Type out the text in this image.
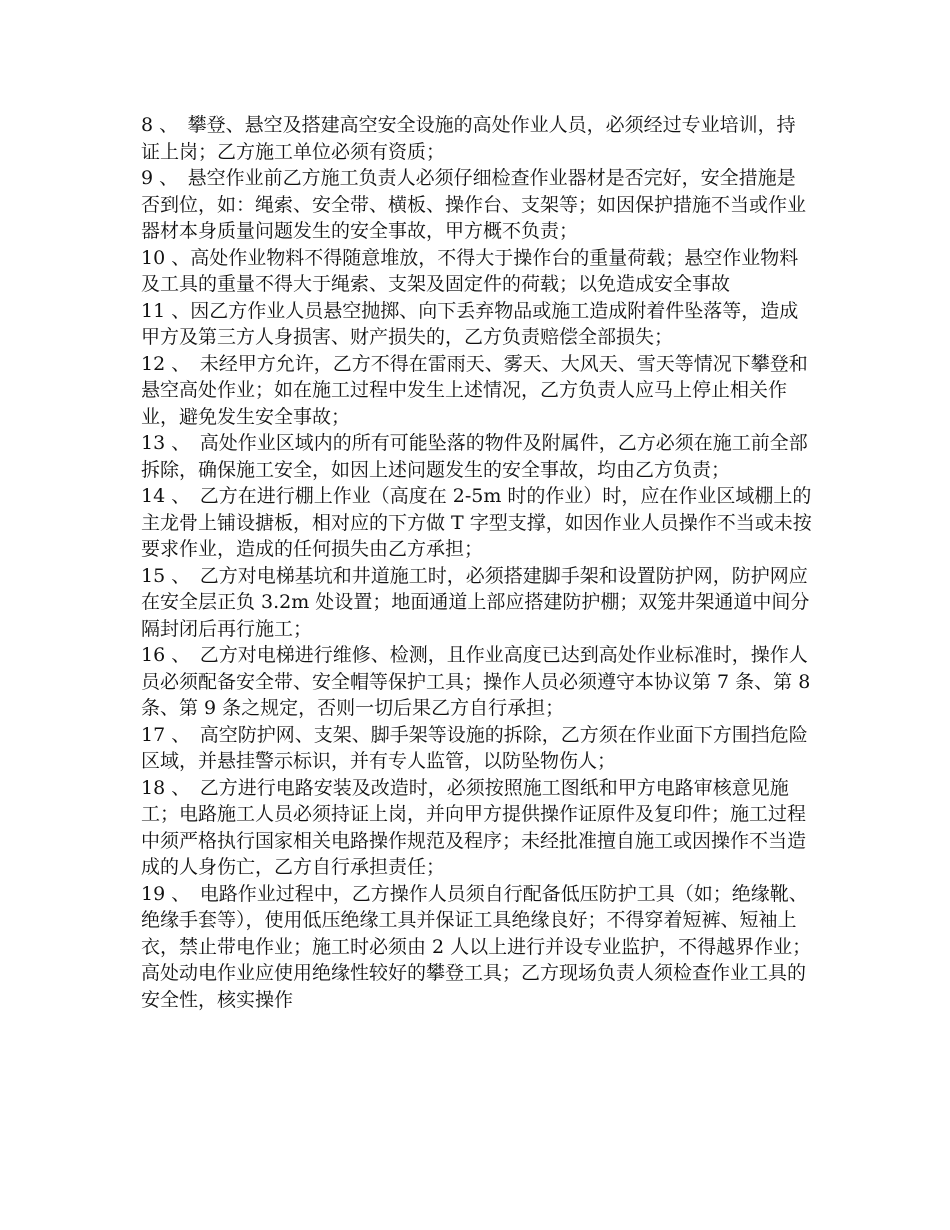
8 、　攀登、悬空及搭建高空安全设施的高处作业人员，必须经过专业培训，持证上岗；乙方施工单位必须有资质；

9 、　悬空作业前乙方施工负责人必须仔细检查作业器材是否完好，安全措施是否到位，如：绳索、安全带、横板、操作台、支架等；如因保护措施不当或作业器材本身质量问题发生的安全事故，甲方概不负责；

10 、高处作业物料不得随意堆放，不得大于操作台的重量荷载；悬空作业物料及工具的重量不得大于绳索、支架及固定件的荷载；以免造成安全事故

11 、因乙方作业人员悬空抛掷、向下丢弃物品或施工造成附着件坠落等，造成甲方及第三方人身损害、财产损失的，乙方负责赔偿全部损失；

12 、　未经甲方允许，乙方不得在雷雨天、雾天、大风天、雪天等情况下攀登和悬空高处作业；如在施工过程中发生上述情况，乙方负责人应马上停止相关作业，避免发生安全事故；

13 、　高处作业区域内的所有可能坠落的物件及附属件，乙方必须在施工前全部拆除，确保施工安全，如因上述问题发生的安全事故，均由乙方负责；

14 、　乙方在进行棚上作业（高度在 2-5m 时的作业）时，应在作业区域棚上的主龙骨上铺设搪板，相对应的下方做 T 字型支撑，如因作业人员操作不当或未按要求作业，造成的任何损失由乙方承担；

15 、　乙方对电梯基坑和井道施工时，必须搭建脚手架和设置防护网，防护网应在安全层正负 3.2m 处设置；地面通道上部应搭建防护棚；双笼井架通道中间分隔封闭后再行施工；

16 、　乙方对电梯进行维修、检测，且作业高度已达到高处作业标准时，操作人员必须配备安全带、安全帽等保护工具；操作人员必须遵守本协议第 7 条、第 8 条、第 9 条之规定，否则一切后果乙方自行承担；

17 、　高空防护网、支架、脚手架等设施的拆除，乙方须在作业面下方围挡危险区域，并悬挂警示标识，并有专人监管，以防坠物伤人；

18 、　乙方进行电路安装及改造时，必须按照施工图纸和甲方电路审核意见施工；电路施工人员必须持证上岗，并向甲方提供操作证原件及复印件；施工过程中须严格执行国家相关电路操作规范及程序；未经批准擅自施工或因操作不当造成的人身伤亡，乙方自行承担责任；

19 、　电路作业过程中，乙方操作人员须自行配备低压防护工具（如；绝缘靴、绝缘手套等），使用低压绝缘工具并保证工具绝缘良好；不得穿着短裤、短袖上衣，禁止带电作业；施工时必须由 2 人以上进行并设专业监护，不得越界作业；高处动电作业应使用绝缘性较好的攀登工具；乙方现场负责人须检查作业工具的安全性，核实操作
